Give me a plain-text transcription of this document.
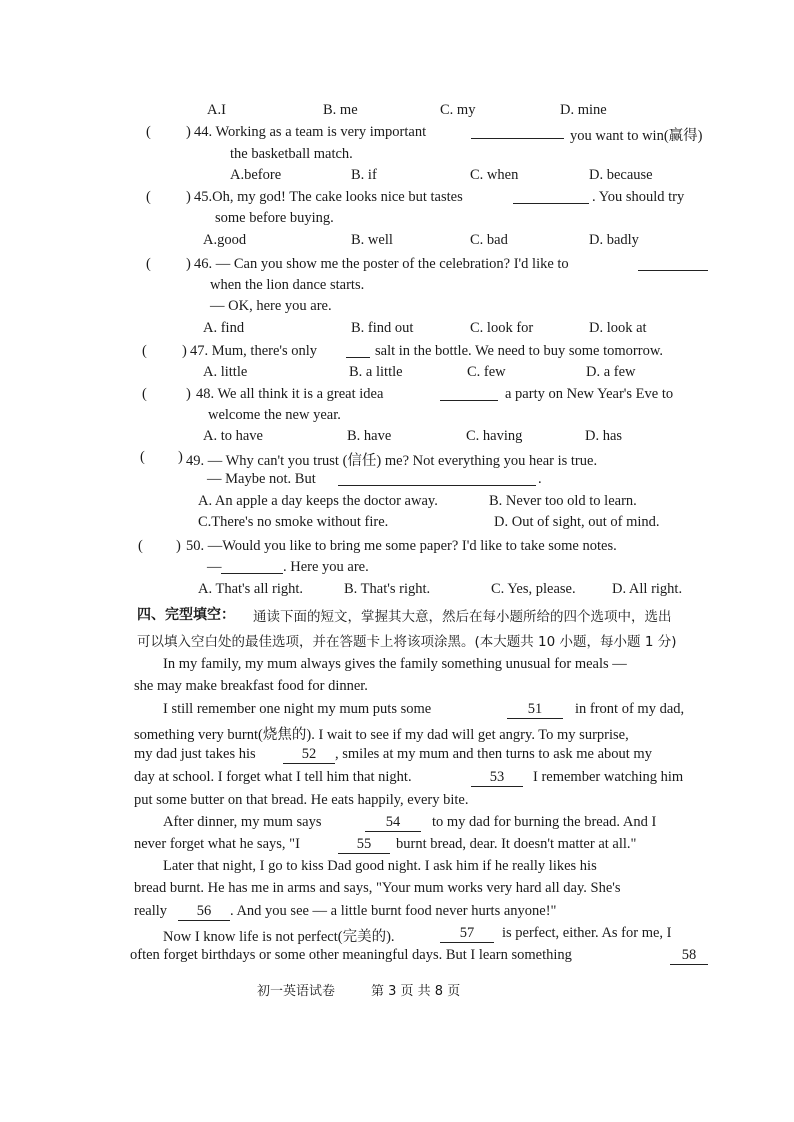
A.I	B. me	C. my	D. mine
( ) 44. Working as a team is very important	you want to win(赢得)
the basketball match.
A.before	B. if	C. when	D. because
( ) 45.Oh, my god! The cake looks nice but tastes	. You should try
some before buying.
A.good	B. well	C. bad	D. badly
( ) 46. — Can you show me the poster of the celebration? I'd like to
when the lion dance starts.
— OK, here you are.
A. find	B. find out	C. look for	D. look at
( ) 47. Mum, there's only	salt in the bottle. We need to buy some tomorrow.
A. little	B. a little	C. few	D. a few
(	) 48. We all think it is a great idea	a party on New Year's Eve to
welcome the new year.
A. to have	B. have	C. having	D. has
( ) 49. — Why can't you trust (信任) me? Not everything you hear is true.
— Maybe not. But	.
A. An apple a day keeps the doctor away.	B. Never too old to learn.
C.There's no smoke without fire.	D. Out of sight, out of mind.
( ) 50. —Would you like to bring me some paper? I'd like to take some notes.
—	. Here you are.
A. That's all right.	B. That's right.	C. Yes, please.	D. All right.
四、完型填空： 通读下面的短文，掌握其大意，然后在每小题所给的四个选项中，选出
可以填入空白处的最佳选项，并在答题卡上将该项涂黑。(本大题共 10 小题，每小题 1 分)
In my family, my mum always gives the family something unusual for meals —
she may make breakfast food for dinner.
I still remember one night my mum puts some	51	in front of my dad,
something very burnt(烧焦的). I wait to see if my dad will get angry. To my surprise,
my dad just takes his	52	, smiles at my mum and then turns to ask me about my
day at school. I forget what I tell him that night.	53	I remember watching him
put some butter on that bread. He eats happily, every bite.
After dinner, my mum says	54	to my dad for burning the bread. And I
never forget what he says, "I	55	burnt bread, dear. It doesn't matter at all."
Later that night, I go to kiss Dad good night. I ask him if he really likes his
bread burnt. He has me in arms and says, "Your mum works very hard all day. She's
really	56	. And you see — a little burnt food never hurts anyone!"
Now I know life is not perfect(完美的).	57	is perfect, either. As for me, I
often forget birthdays or some other meaningful days. But I learn something	58
初一英语试卷	第 3 页 共 8 页
